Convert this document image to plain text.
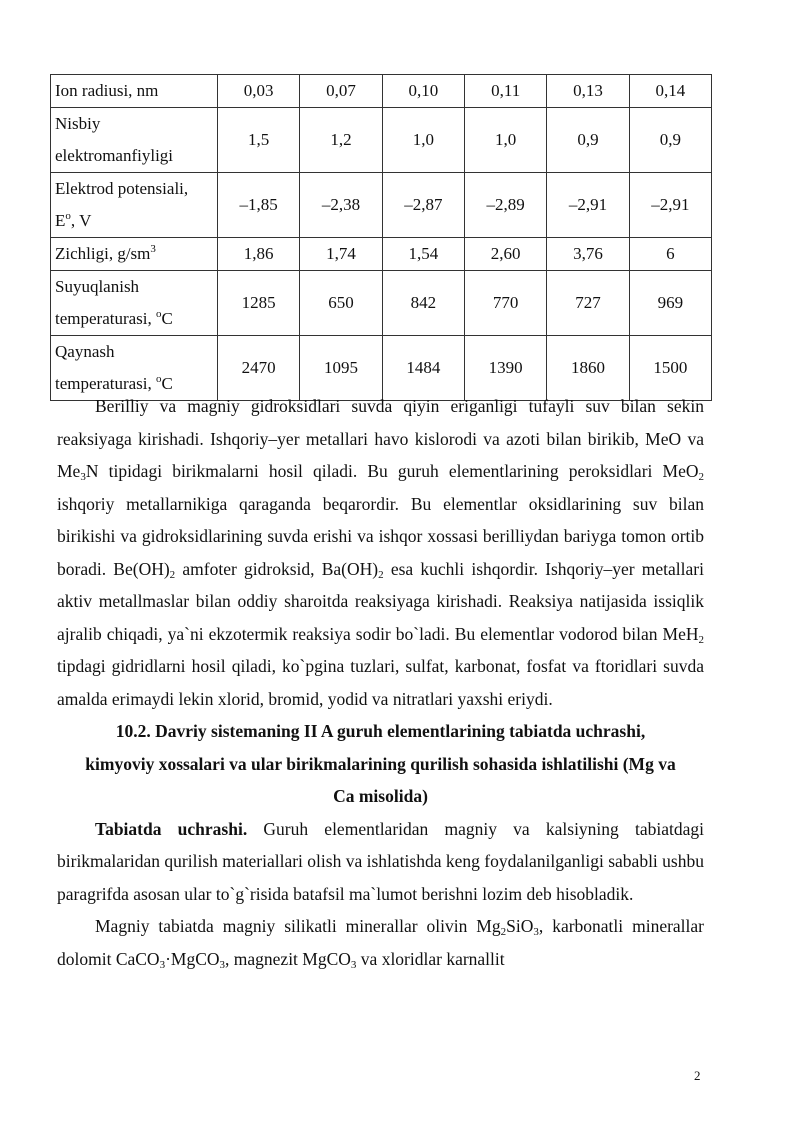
Ion radiusi, nm	0,03	0,07	0,10	0,11	0,13	0,14
Nisbiy
elektromanfiyligi	1,5	1,2	1,0	1,0	0,9	0,9
Elektrod potensiali,
$E^o$, V	–1,85	–2,38	–2,87	–2,89	–2,91	–2,91
Zichligi, $g/sm^3$	1,86	1,74	1,54	2,60	3,76	6
Suyuqlanish
temperaturasi, $^o$C	1285	650	842	770	727	969
Qaynash
temperaturasi, $^o$C	2470	1095	1484	1390	1860	1500

Berilliy va magniy gidroksidlari suvda qiyin eriganligi tufayli suv bilan sekin reaksiyaga kirishadi. Ishqoriy–yer metallari havo kislorodi va azoti bilan birikib, MeO va $Me_3N$ tipidagi birikmalarni hosil qiladi. Bu guruh elementlarining peroksidlari MeO$_2$ ishqoriy metallarnikiga qaraganda beqarordir. Bu elementlar oksidlarining suv bilan birikishi va gidroksidlarining suvda erishi va ishqor xossasi berilliydan bariyga tomon ortib boradi. $Be(OH)_2$ amfoter gidroksid, $Ba(OH)_2$ esa kuchli ishqordir. Ishqoriy–yer metallari aktiv metallmaslar bilan oddiy sharoitda reaksiyaga kirishadi. Reaksiya natijasida issiqlik ajralib chiqadi, ya`ni ekzotermik reaksiya sodir bo`ladi. Bu elementlar vodorod bilan MeH$_2$ tipdagi gidridlarni hosil qiladi, ko`pgina tuzlari, sulfat, karbonat, fosfat va ftoridlari suvda amalda erimaydi lekin xlorid, bromid, yodid va nitratlari yaxshi eriydi.

10.2. Davriy sistemaning II A guruh elementlarining tabiatda uchrashi,
kimyoviy xossalari va ular birikmalarining qurilish sohasida ishlatilishi (Mg va
Ca misolida)

Tabiatda uchrashi. Guruh elementlaridan magniy va kalsiyning tabiatdagi birikmalaridan qurilish materiallari olish va ishlatishda keng foydalanilganligi sababli ushbu paragrifda asosan ular to`g`risida batafsil ma`lumot berishni lozim deb hisobladik.

Magniy tabiatda magniy silikatli minerallar olivin $Mg_2SiO_3$, karbonatli minerallar dolomit CaCO$_3$·MgCO$_3$, magnezit MgCO$_3$ va xloridlar karnallit

2
